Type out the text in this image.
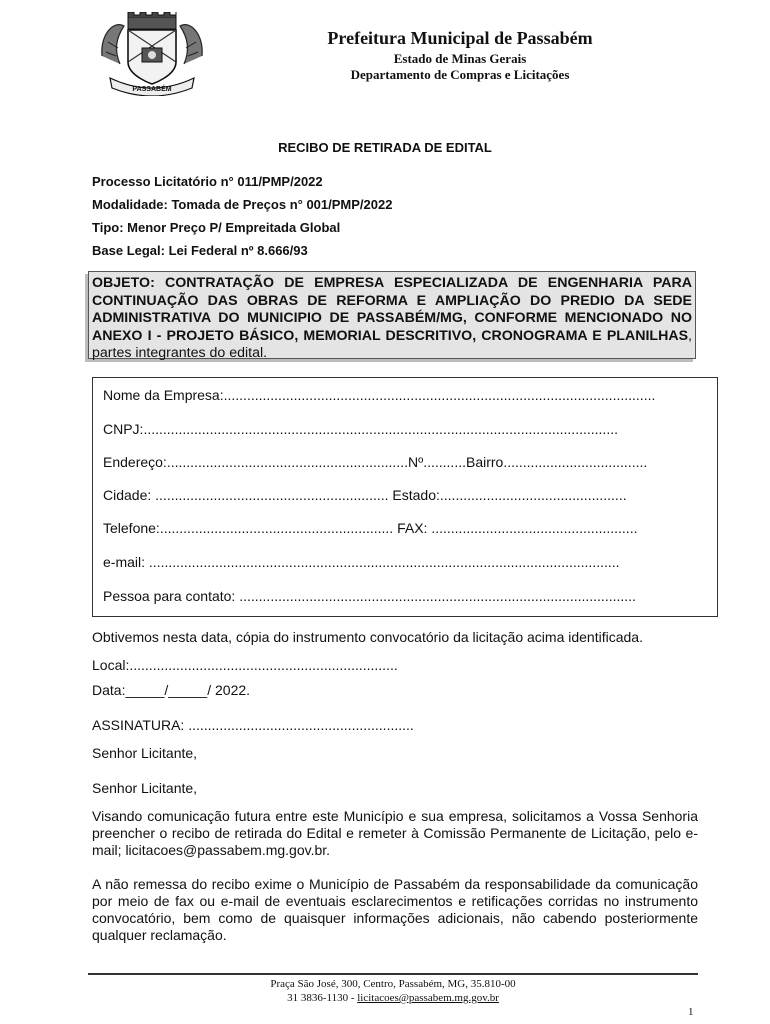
PASSABÉM

Prefeitura Municipal de Passabém

Estado de Minas Gerais

Departamento de Compras e Licitações

RECIBO DE RETIRADA DE EDITAL

Processo Licitatório n° 011/PMP/2022

Modalidade: Tomada de Preços n° 001/PMP/2022

Tipo: Menor Preço P/ Empreitada Global

Base Legal: Lei Federal nº 8.666/93

OBJETO: CONTRATAÇÃO DE EMPRESA ESPECIALIZADA DE ENGENHARIA PARA CONTINUAÇÃO DAS OBRAS DE REFORMA E AMPLIAÇÃO DO PREDIO DA SEDE ADMINISTRATIVA DO MUNICIPIO DE PASSABÉM/MG, CONFORME MENCIONADO NO ANEXO I - PROJETO BÁSICO, MEMORIAL DESCRITIVO, CRONOGRAMA E PLANILHAS, partes integrantes do edital.

Nome da Empresa:...............................................................................................................

CNPJ:..........................................................................................................................

Endereço:..............................................................Nº...........Bairro.....................................

Cidade: ............................................................ Estado:................................................

Telefone:............................................................ FAX: .....................................................

e-mail: .........................................................................................................................

Pessoa para contato: ......................................................................................................

Obtivemos nesta data, cópia do instrumento convocatório da licitação acima identificada.

Local:.....................................................................

Data:_____/_____/ 2022.

ASSINATURA: ..........................................................

Senhor Licitante,

Senhor Licitante,

Visando comunicação futura entre este Município e sua empresa, solicitamos a Vossa Senhoria preencher o recibo de retirada do Edital e remeter à Comissão Permanente de Licitação, pelo e-mail; licitacoes@passabem.mg.gov.br.

A não remessa do recibo exime o Município de Passabém da responsabilidade da comunicação por meio de fax ou e-mail de eventuais esclarecimentos e retificações corridas no instrumento convocatório, bem como de quaisquer informações adicionais, não cabendo posteriormente qualquer reclamação.

Praça São José, 300, Centro, Passabém, MG, 35.810-00

31 3836-1130 - licitacoes@passabem.mg.gov.br

1
